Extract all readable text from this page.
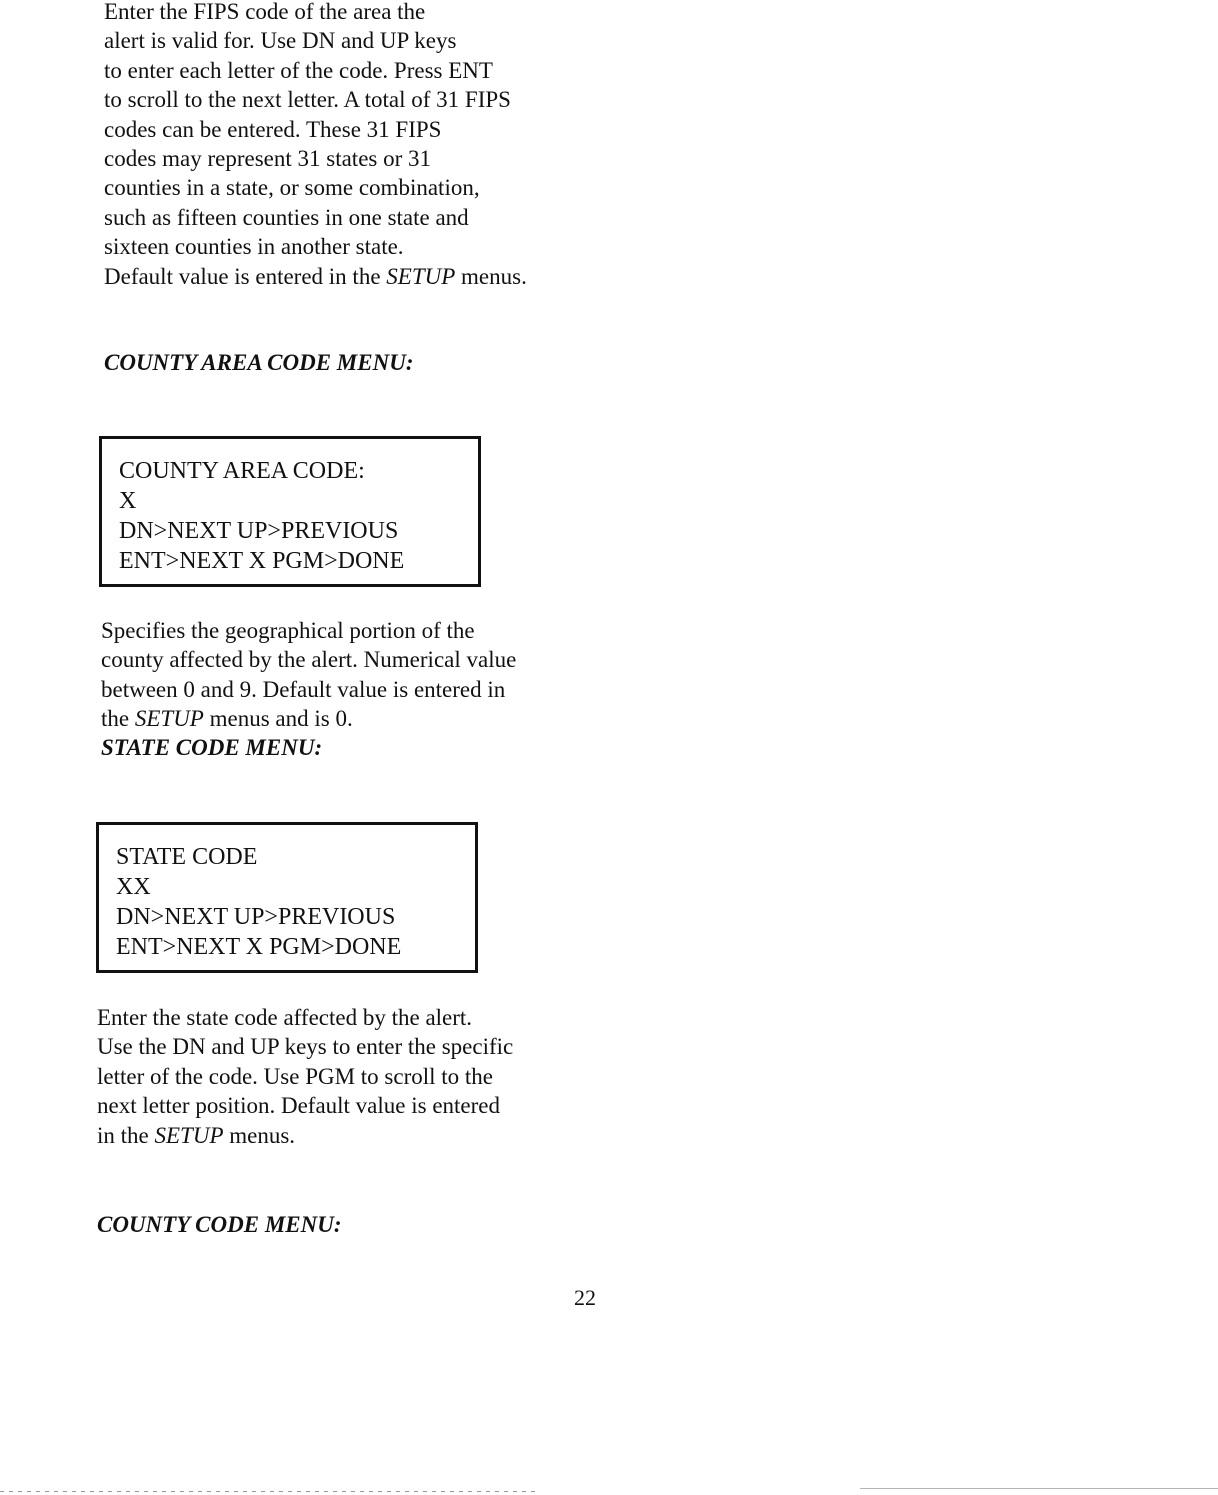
Enter the FIPS code of the area the
alert is valid for. Use DN and UP keys
to enter each letter of the code. Press ENT
to scroll to the next letter. A total of 31 FIPS
codes can be entered. These 31 FIPS
codes may represent 31 states or 31
counties in a state, or some combination,
such as fifteen counties in one state and
sixteen counties in another state.
Default value is entered in the SETUP menus.
COUNTY AREA CODE MENU:
COUNTY AREA CODE:
X
DN>NEXT UP>PREVIOUS
ENT>NEXT X PGM>DONE
Specifies the geographical portion of the
county affected by the alert. Numerical value
between 0 and 9. Default value is entered in
the SETUP menus and is 0.
STATE CODE MENU:
STATE CODE
XX
DN>NEXT UP>PREVIOUS
ENT>NEXT X PGM>DONE
Enter the state code affected by the alert.
Use the DN and UP keys to enter the specific
letter of the code. Use PGM to scroll to the
next letter position. Default value is entered
in the SETUP menus.
COUNTY CODE MENU:
22
